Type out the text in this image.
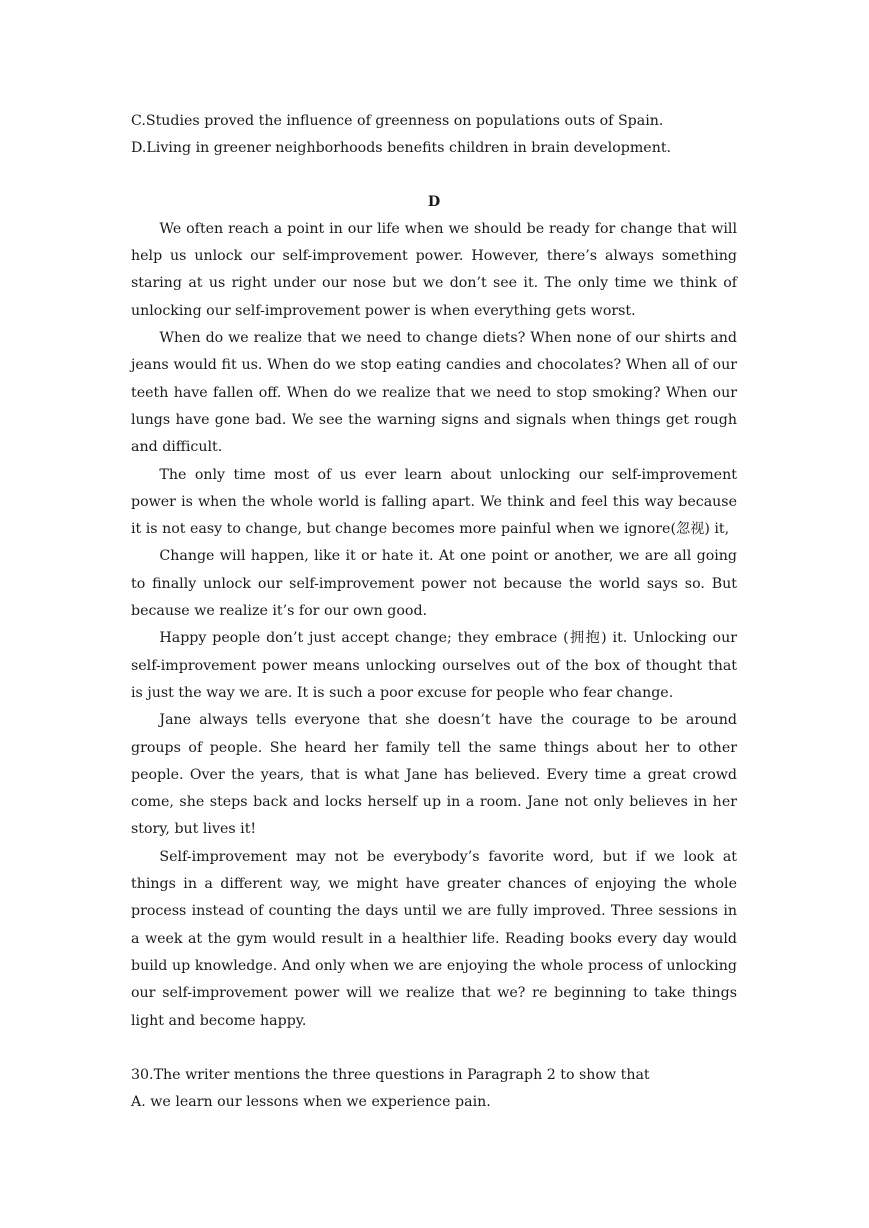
C.Studies proved the influence of greenness on populations outs of Spain.

D.Living in greener neighborhoods benefits children in brain development.

D

We often reach a point in our life when we should be ready for change that will help us unlock our self-improvement power. However, there’s always something staring at us right under our nose but we don’t see it. The only time we think of unlocking our self-improvement power is when everything gets worst.

When do we realize that we need to change diets? When none of our shirts and jeans would fit us. When do we stop eating candies and chocolates? When all of our teeth have fallen off. When do we realize that we need to stop smoking? When our lungs have gone bad. We see the warning signs and signals when things get rough and difficult.

The only time most of us ever learn about unlocking our self-improvement power is when the whole world is falling apart. We think and feel this way because it is not easy to change, but change becomes more painful when we ignore(忽视) it,

Change will happen, like it or hate it. At one point or another, we are all going to finally unlock our self-improvement power not because the world says so. But because we realize it’s for our own good.

Happy people don’t just accept change; they embrace (拥抱) it. Unlocking our self-improvement power means unlocking ourselves out of the box of thought that is just the way we are. It is such a poor excuse for people who fear change.

Jane always tells everyone that she doesn’t have the courage to be around groups of people. She heard her family tell the same things about her to other people. Over the years, that is what Jane has believed. Every time a great crowd come, she steps back and locks herself up in a room. Jane not only believes in her story, but lives it!

Self-improvement may not be everybody’s favorite word, but if we look at things in a different way, we might have greater chances of enjoying the whole process instead of counting the days until we are fully improved. Three sessions in a week at the gym would result in a healthier life. Reading books every day would build up knowledge. And only when we are enjoying the whole process of unlocking our self-improvement power will we realize that we? re beginning to take things light and become happy.

30.The writer mentions the three questions in Paragraph 2 to show that

A. we learn our lessons when we experience pain.
